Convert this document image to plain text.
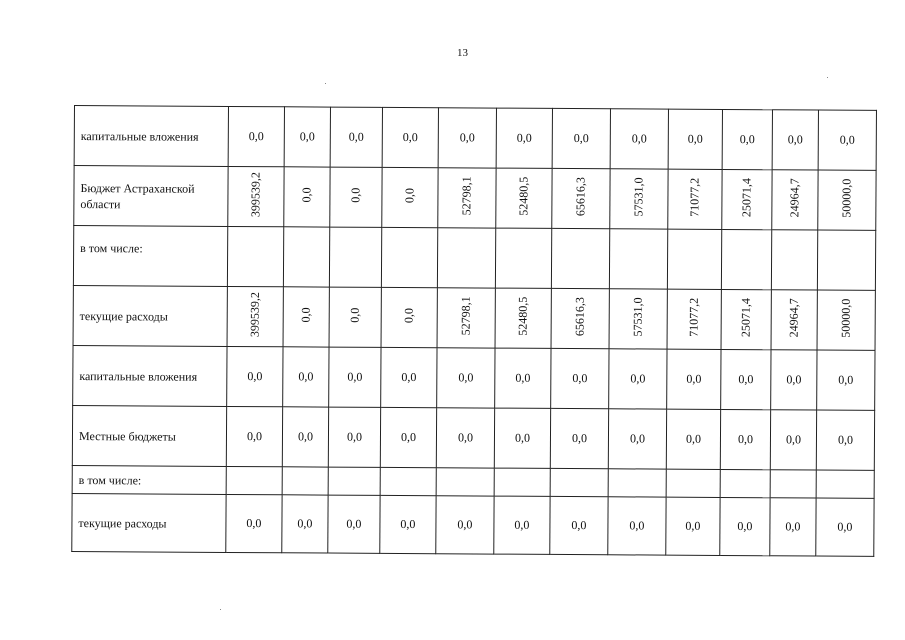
13
капитальные вложения	0,0	0,0	0,0	0,0	0,0	0,0	0,0	0,0	0,0	0,0	0,0	0,0
Бюджет Астраханской области	399539,2	0,0	0,0	0,0	52798,1	52480,5	65616,3	57531,0	71077,2	25071,4	24964,7	50000,0
в том числе:												
текущие расходы	399539,2	0,0	0,0	0,0	52798,1	52480,5	65616,3	57531,0	71077,2	25071,4	24964,7	50000,0
капитальные вложения	0,0	0,0	0,0	0,0	0,0	0,0	0,0	0,0	0,0	0,0	0,0	0,0
Местные бюджеты	0,0	0,0	0,0	0,0	0,0	0,0	0,0	0,0	0,0	0,0	0,0	0,0
в том числе:												
текущие расходы	0,0	0,0	0,0	0,0	0,0	0,0	0,0	0,0	0,0	0,0	0,0	0,0
